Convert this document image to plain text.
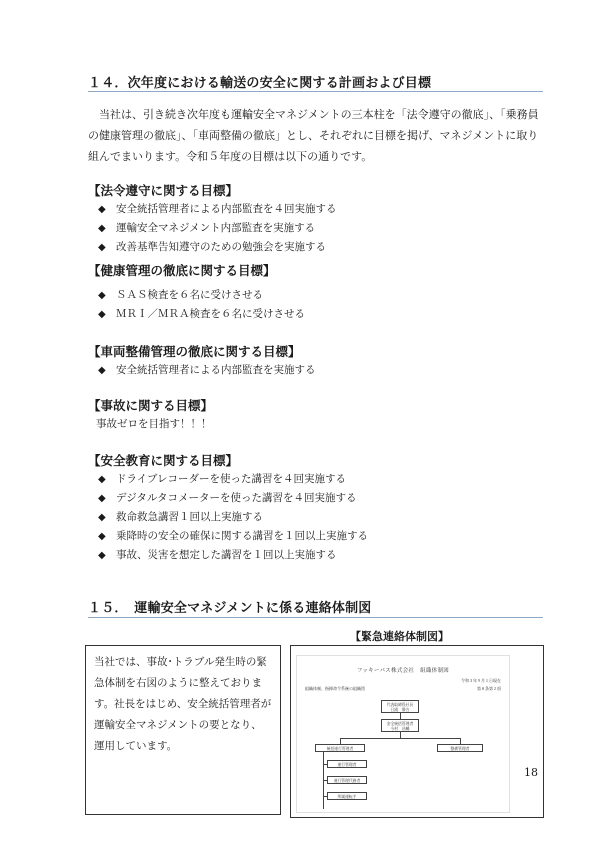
１４．次年度における輸送の安全に関する計画および目標

当社は、引き続き次年度も運輸安全マネジメントの三本柱を「法令遵守の徹底」、「乗務員の健康管理の徹底」、「車両整備の徹底」とし、それぞれに目標を掲げ、マネジメントに取り組んでまいります。令和５年度の目標は以下の通りです。

【法令遵守に関する目標】
◆ 安全統括管理者による内部監査を４回実施する
◆ 運輸安全マネジメント内部監査を実施する
◆ 改善基準告知遵守のための勉強会を実施する
【健康管理の徹底に関する目標】
◆ ＳＡＳ検査を６名に受けさせる
◆ ＭＲＩ／ＭＲＡ検査を６名に受けさせる
【車両整備管理の徹底に関する目標】
◆ 安全統括管理者による内部監査を実施する
【事故に関する目標】
事故ゼロを目指す！！！
【安全教育に関する目標】
◆ ドライブレコーダーを使った講習を４回実施する
◆ デジタルタコメーターを使った講習を４回実施する
◆ 救命救急講習１回以上実施する
◆ 乗降時の安全の確保に関する講習を１回以上実施する
◆ 事故、災害を想定した講習を１回以上実施する
１５．　運輸安全マネジメントに係る連絡体制図
【緊急連絡体制図】
当社では、事故･トラブル発生時の緊急体制を右図のように整えております。社長をはじめ、安全統括管理者が運輸安全マネジメントの要となり、運用しています。
フッキーバス株式会社　組織体制図
令和３年９月１日現在
組織体制、指揮命令系統の組織図	第８条第２項
代表取締役社長
日浦　勝吉
安全統括管理者
今村　昌輔
統括運行管理者	整備管理者
運行管理者
運行管理代務者
所属運転手
18
